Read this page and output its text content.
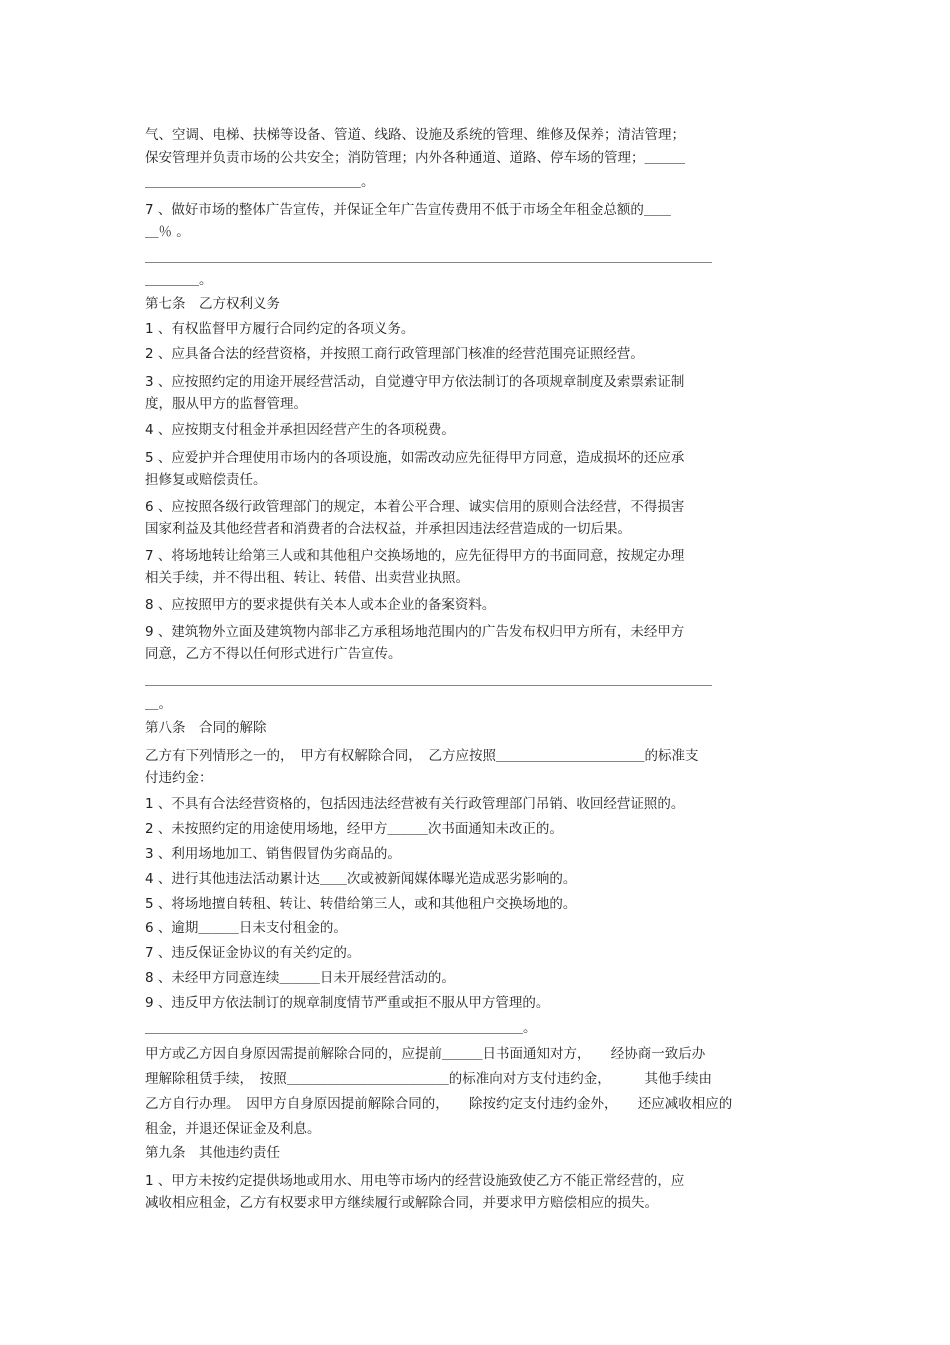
气、空调、电梯、扶梯等设备、管道、线路、设施及系统的管理、维修及保养；清洁管理；
保安管理并负责市场的公共安全；消防管理；内外各种通道、道路、停车场的管理；＿＿＿
＿＿＿＿＿＿＿＿＿＿＿＿＿＿＿＿。
7 、做好市场的整体广告宣传，并保证全年广告宣传费用不低于市场全年租金总额的＿＿
＿％ 。
＿＿＿＿＿＿＿＿＿＿＿＿＿＿＿＿＿＿＿＿＿＿＿＿＿＿＿＿＿＿＿＿＿＿＿＿＿＿＿＿＿＿
＿＿＿＿。
第七条　乙方权利义务
1 、有权监督甲方履行合同约定的各项义务。
2 、应具备合法的经营资格，并按照工商行政管理部门核准的经营范围亮证照经营。
3 、应按照约定的用途开展经营活动，自觉遵守甲方依法制订的各项规章制度及索票索证制
度，服从甲方的监督管理。
4 、应按期支付租金并承担因经营产生的各项税费。
5 、应爱护并合理使用市场内的各项设施，如需改动应先征得甲方同意，造成损坏的还应承
担修复或赔偿责任。
6 、应按照各级行政管理部门的规定，本着公平合理、诚实信用的原则合法经营，不得损害
国家利益及其他经营者和消费者的合法权益，并承担因违法经营造成的一切后果。
7 、将场地转让给第三人或和其他租户交换场地的，应先征得甲方的书面同意，按规定办理
相关手续，并不得出租、转让、转借、出卖营业执照。
8 、应按照甲方的要求提供有关本人或本企业的备案资料。
9 、建筑物外立面及建筑物内部非乙方承租场地范围内的广告发布权归甲方所有，未经甲方
同意，乙方不得以任何形式进行广告宣传。
＿＿＿＿＿＿＿＿＿＿＿＿＿＿＿＿＿＿＿＿＿＿＿＿＿＿＿＿＿＿＿＿＿＿＿＿＿＿＿＿＿＿
＿。
第八条　合同的解除
乙方有下列情形之一的，　甲方有权解除合同，　乙方应按照＿＿＿＿＿＿＿＿＿＿＿的标准支
付违约金：
1 、不具有合法经营资格的，包括因违法经营被有关行政管理部门吊销、收回经营证照的。
2 、未按照约定的用途使用场地，经甲方＿＿＿次书面通知未改正的。
3 、利用场地加工、销售假冒伪劣商品的。
4 、进行其他违法活动累计达＿＿次或被新闻媒体曝光造成恶劣影响的。
5 、将场地擅自转租、转让、转借给第三人，或和其他租户交换场地的。
6 、逾期＿＿＿日未支付租金的。
7 、违反保证金协议的有关约定的。
8 、未经甲方同意连续＿＿＿日未开展经营活动的。
9 、违反甲方依法制订的规章制度情节严重或拒不服从甲方管理的。
＿＿＿＿＿＿＿＿＿＿＿＿＿＿＿＿＿＿＿＿＿＿＿＿＿＿＿＿。
甲方或乙方因自身原因需提前解除合同的，应提前＿＿＿日书面通知对方，　　经协商一致后办
理解除租赁手续，　按照＿＿＿＿＿＿＿＿＿＿＿＿的标准向对方支付违约金，　　　其他手续由
乙方自行办理。　因甲方自身原因提前解除合同的，　　除按约定支付违约金外，　　还应减收相应的
租金，并退还保证金及利息。
第九条　其他违约责任
1 、甲方未按约定提供场地或用水、用电等市场内的经营设施致使乙方不能正常经营的，应
减收相应租金，乙方有权要求甲方继续履行或解除合同，并要求甲方赔偿相应的损失。
